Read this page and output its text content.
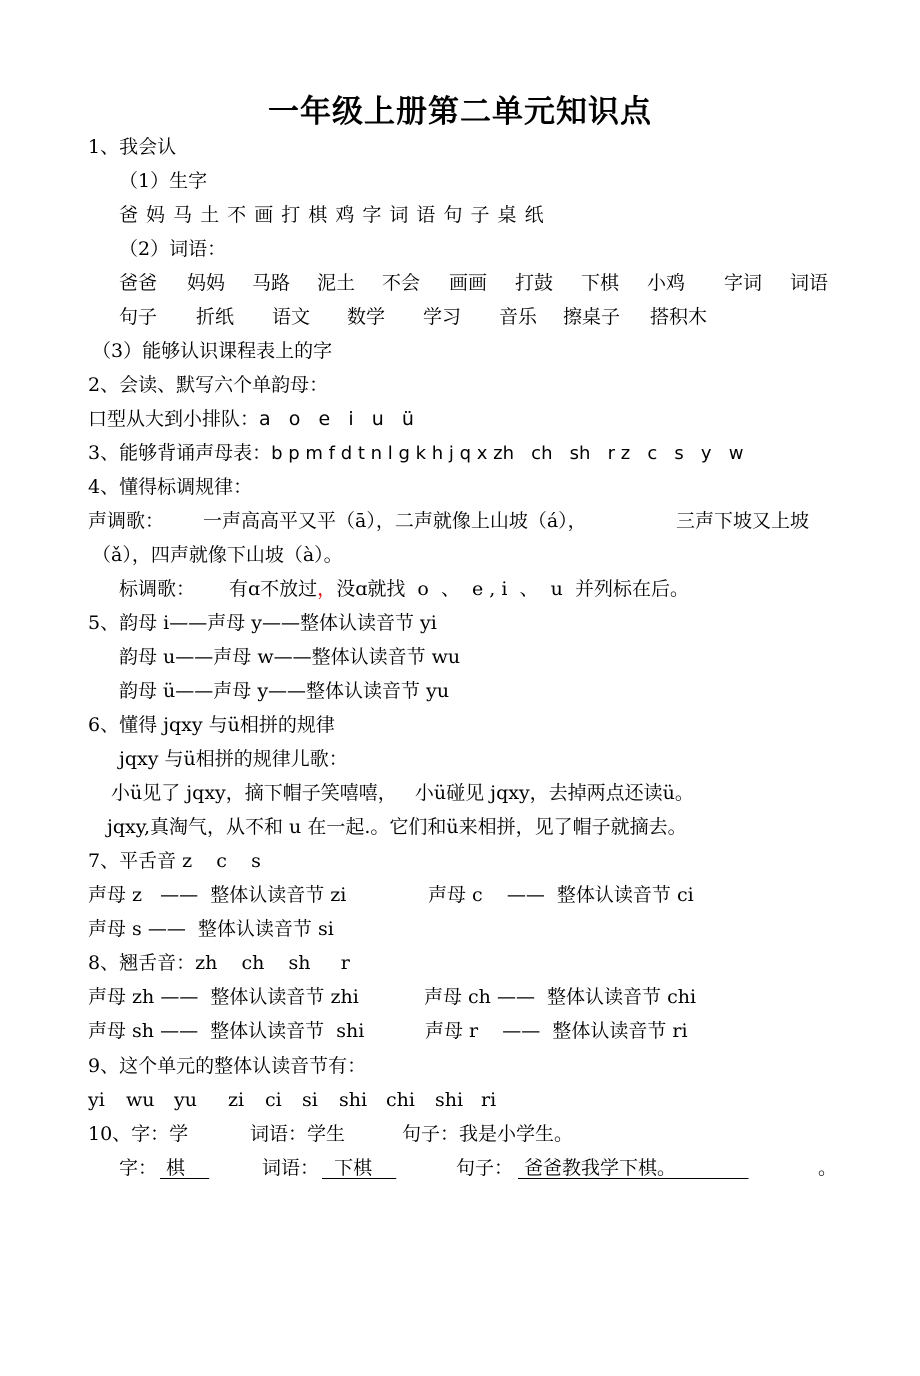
一年级上册第二单元知识点
1、我会认
（1）生字
爸 妈 马 土 不 画 打 棋 鸡 字 词 语 句 子 桌 纸
（2）词语：

爸爸

妈妈

马路

泥土

不会

画画

打鼓

下棋

小鸡

字词

词语

句子

折纸

语文

数学

学习

音乐

擦桌子

搭积木

（3）能够认识课程表上的字
2、会读、默写六个单韵母：
口型从大到小排队：a   o   e   i   u   ü
3、能够背诵声母表：b p m f d t n l g k h j q x zh   ch   sh   r z   c   s   y   w
4、懂得标调规律：

声调歌：

一声高高平又平（ā），二声就像上山坡（á），

	三声下坡又上坡

（ǎ），四声就像下山坡（à）。

标调歌：

有ɑ不放过，没ɑ就找  o  、  e , i  、  u  并列标在后。

5、韵母 i——声母 y——整体认读音节 yi
韵母 u——声母 w——整体认读音节 wu
韵母 ü——声母 y——整体认读音节 yu
6、懂得 jqxy 与ü相拼的规律
jqxy 与ü相拼的规律儿歌：
小ü见了 jqxy，摘下帽子笑嘻嘻，   小ü碰见 jqxy，去掉两点还读ü。
jqxy,真淘气，从不和 u 在一起.。它们和ü来相拼，见了帽子就摘去。
7、平舌音 z    c    s

声母 z   ——  整体认读音节 zi

	声母 c    ——  整体认读音节 ci

声母 s ——  整体认读音节 si
8、翘舌音：zh    ch    sh     r

声母 zh ——  整体认读音节 zhi

	声母 ch ——  整体认读音节 chi

声母 sh ——  整体认读音节  shi

	声母 r    ——  整体认读音节 ri

9、这个单元的整体认读音节有：

yi

wu

yu

zi

ci

si

shi

chi

shi

ri

10、字：学

	词语：学生

	句子：我是小学生。

字：

棋

	词语：

下棋

	句子：

爸爸教我学下棋。

	。
